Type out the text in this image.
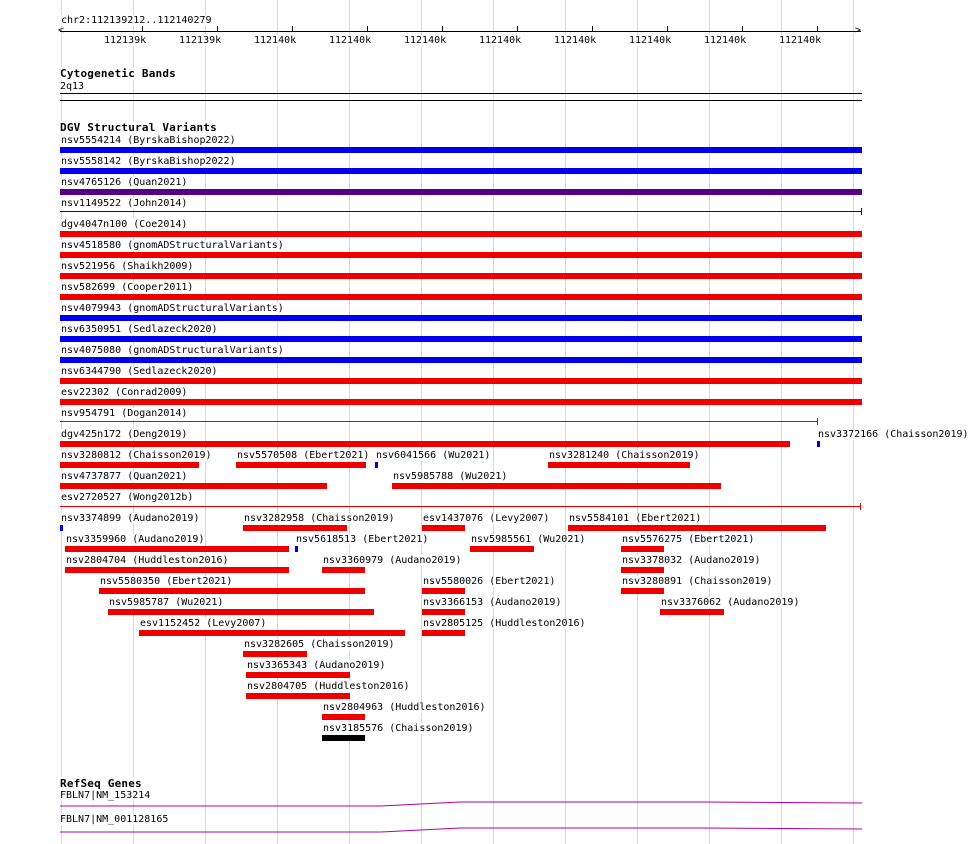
chr2:112139212..112140279
<	>
112139k	112139k	112140k	112140k	112140k	112140k	112140k	112140k	112140k	112140k
Cytogenetic Bands
2q13
DGV Structural Variants
nsv5554214 (ByrskaBishop2022)
nsv5558142 (ByrskaBishop2022)
nsv4765126 (Quan2021)
nsv1149522 (John2014)
dgv4047n100 (Coe2014)
nsv4518580 (gnomADStructuralVariants)
nsv521956 (Shaikh2009)
nsv582699 (Cooper2011)
nsv4079943 (gnomADStructuralVariants)
nsv6350951 (Sedlazeck2020)
nsv4075080 (gnomADStructuralVariants)
nsv6344790 (Sedlazeck2020)
esv22302 (Conrad2009)
nsv954791 (Dogan2014)
dgv425n172 (Deng2019)	nsv3372166 (Chaisson2019)
nsv3280812 (Chaisson2019)	nsv5570508 (Ebert2021) nsv6041566 (Wu2021)	nsv3281240 (Chaisson2019)
nsv4737877 (Quan2021)	nsv5985788 (Wu2021)
esv2720527 (Wong2012b)
nsv3374899 (Audano2019)	nsv3282958 (Chaisson2019)	esv1437076 (Levy2007) nsv5584101 (Ebert2021)
nsv3359960 (Audano2019)	nsv5618513 (Ebert2021)	nsv5985561 (Wu2021)	nsv5576275 (Ebert2021)
nsv2804704 (Huddleston2016)	nsv3360979 (Audano2019)	nsv3378032 (Audano2019)
nsv5580350 (Ebert2021)	nsv5580026 (Ebert2021)	nsv3280891 (Chaisson2019)
nsv5985787 (Wu2021)	nsv3366153 (Audano2019)	nsv3376062 (Audano2019)
esv1152452 (Levy2007)	nsv2805125 (Huddleston2016)
nsv3282605 (Chaisson2019)
nsv3365343 (Audano2019)
nsv2804705 (Huddleston2016)
nsv2804963 (Huddleston2016)
nsv3185576 (Chaisson2019)
RefSeq Genes
FBLN7|NM_153214
FBLN7|NM_001128165
